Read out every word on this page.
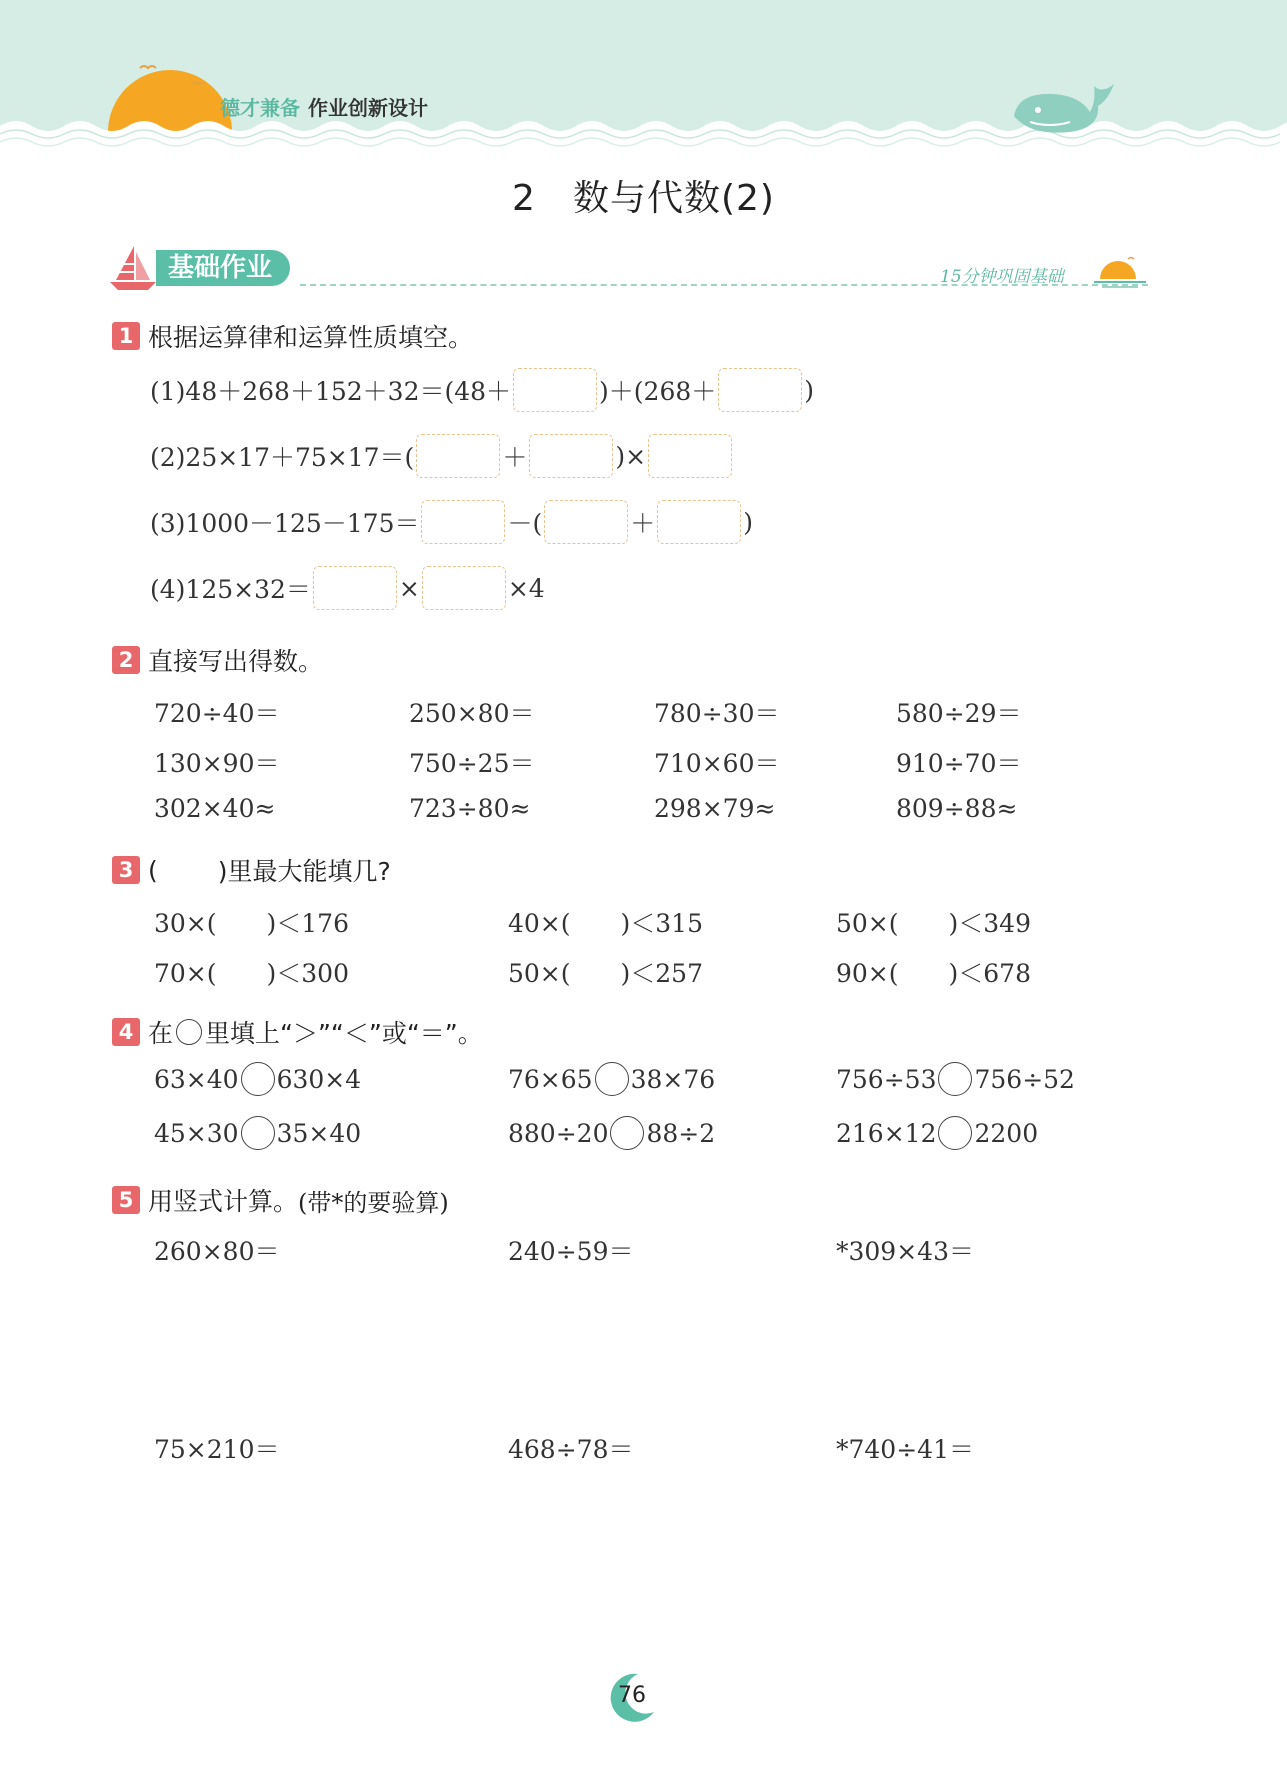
德才兼备 作业创新设计
2　数与代数(2)
基础作业	15分钟巩固基础
1 根据运算律和运算性质填空。
(1)48＋268＋152＋32＝(48＋	)＋(268＋	)
(2)25×17＋75×17＝(	＋	)×
(3)1000－125－175＝	－(	＋	)
(4)125×32＝	×	×4
2 直接写出得数。
720÷40＝	250×80＝	780÷30＝	580÷29＝
130×90＝	750÷25＝	710×60＝	910÷70＝
302×40≈	723÷80≈	298×79≈	809÷88≈
3 ( )里最大能填几?
30×(　　)＜176	40×(　　)＜315	50×(　　)＜349
70×(　　)＜300	50×(　　)＜257	90×(　　)＜678
4 在 里填上“＞”“＜”或“＝”。
63×40 630×4	76×65 38×76	756÷53 756÷52
45×30 35×40	880÷20 88÷2	216×12 2200
5 用竖式计算。 (带*的要验算)
260×80＝	240÷59＝	*309×43＝
75×210＝	468÷78＝	*740÷41＝
76
